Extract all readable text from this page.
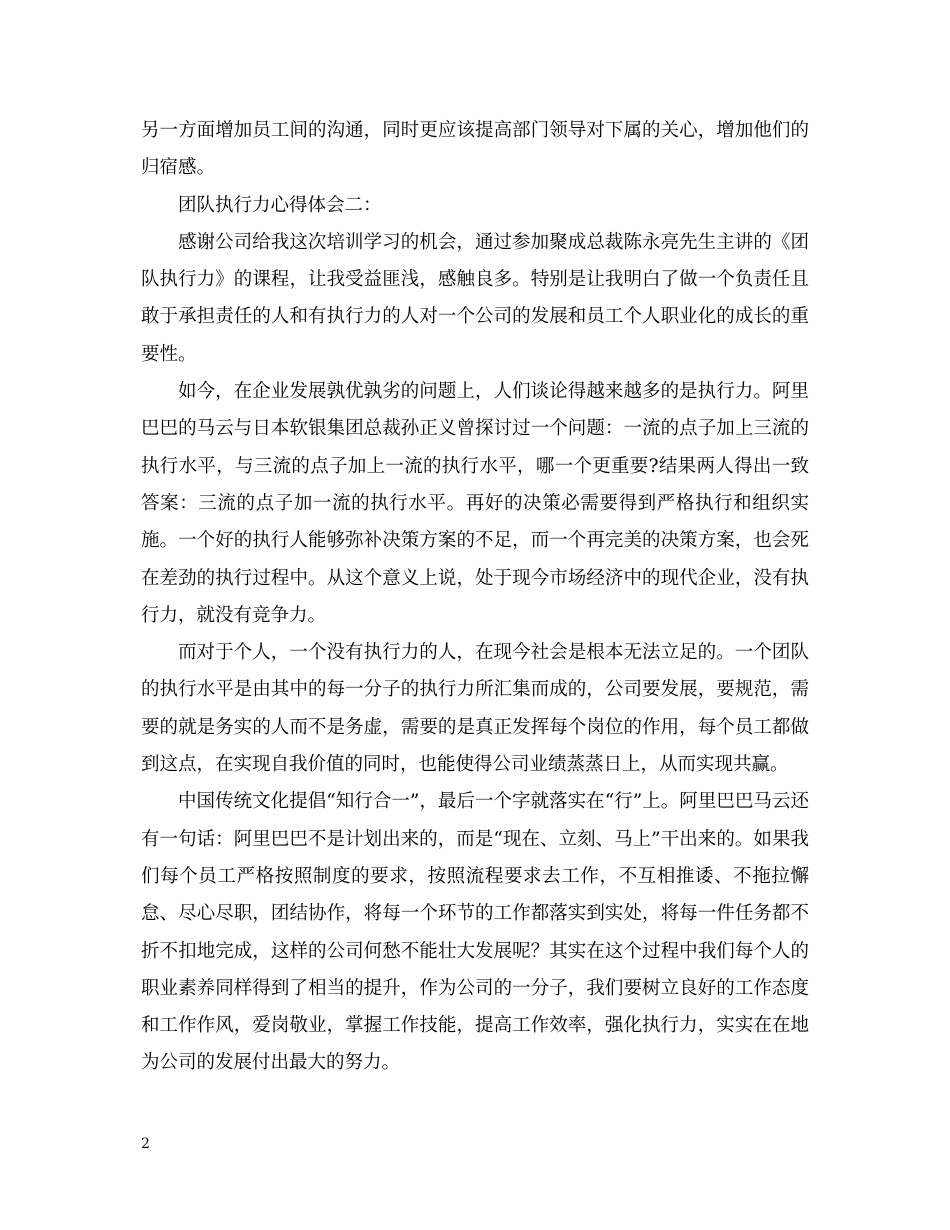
另一方面增加员工间的沟通，同时更应该提高部门领导对下属的关心，增加他们的归宿感。

团队执行力心得体会二：

感谢公司给我这次培训学习的机会，通过参加聚成总裁陈永亮先生主讲的《团队执行力》的课程，让我受益匪浅，感触良多。特别是让我明白了做一个负责任且敢于承担责任的人和有执行力的人对一个公司的发展和员工个人职业化的成长的重要性。

如今，在企业发展孰优孰劣的问题上，人们谈论得越来越多的是执行力。阿里巴巴的马云与日本软银集团总裁孙正义曾探讨过一个问题：一流的点子加上三流的执行水平，与三流的点子加上一流的执行水平，哪一个更重要?结果两人得出一致答案：三流的点子加一流的执行水平。再好的决策必需要得到严格执行和组织实施。一个好的执行人能够弥补决策方案的不足，而一个再完美的决策方案，也会死在差劲的执行过程中。从这个意义上说，处于现今市场经济中的现代企业，没有执行力，就没有竞争力。

而对于个人，一个没有执行力的人，在现今社会是根本无法立足的。一个团队的执行水平是由其中的每一分子的执行力所汇集而成的，公司要发展，要规范，需要的就是务实的人而不是务虚，需要的是真正发挥每个岗位的作用，每个员工都做到这点，在实现自我价值的同时，也能使得公司业绩蒸蒸日上，从而实现共赢。

中国传统文化提倡“知行合一”，最后一个字就落实在“行”上。阿里巴巴马云还有一句话：阿里巴巴不是计划出来的，而是“现在、立刻、马上”干出来的。如果我们每个员工严格按照制度的要求，按照流程要求去工作，不互相推诿、不拖拉懈怠、尽心尽职，团结协作，将每一个环节的工作都落实到实处，将每一件任务都不折不扣地完成，这样的公司何愁不能壮大发展呢？其实在这个过程中我们每个人的职业素养同样得到了相当的提升，作为公司的一分子，我们要树立良好的工作态度和工作作风，爱岗敬业，掌握工作技能，提高工作效率，强化执行力，实实在在地为公司的发展付出最大的努力。

2
